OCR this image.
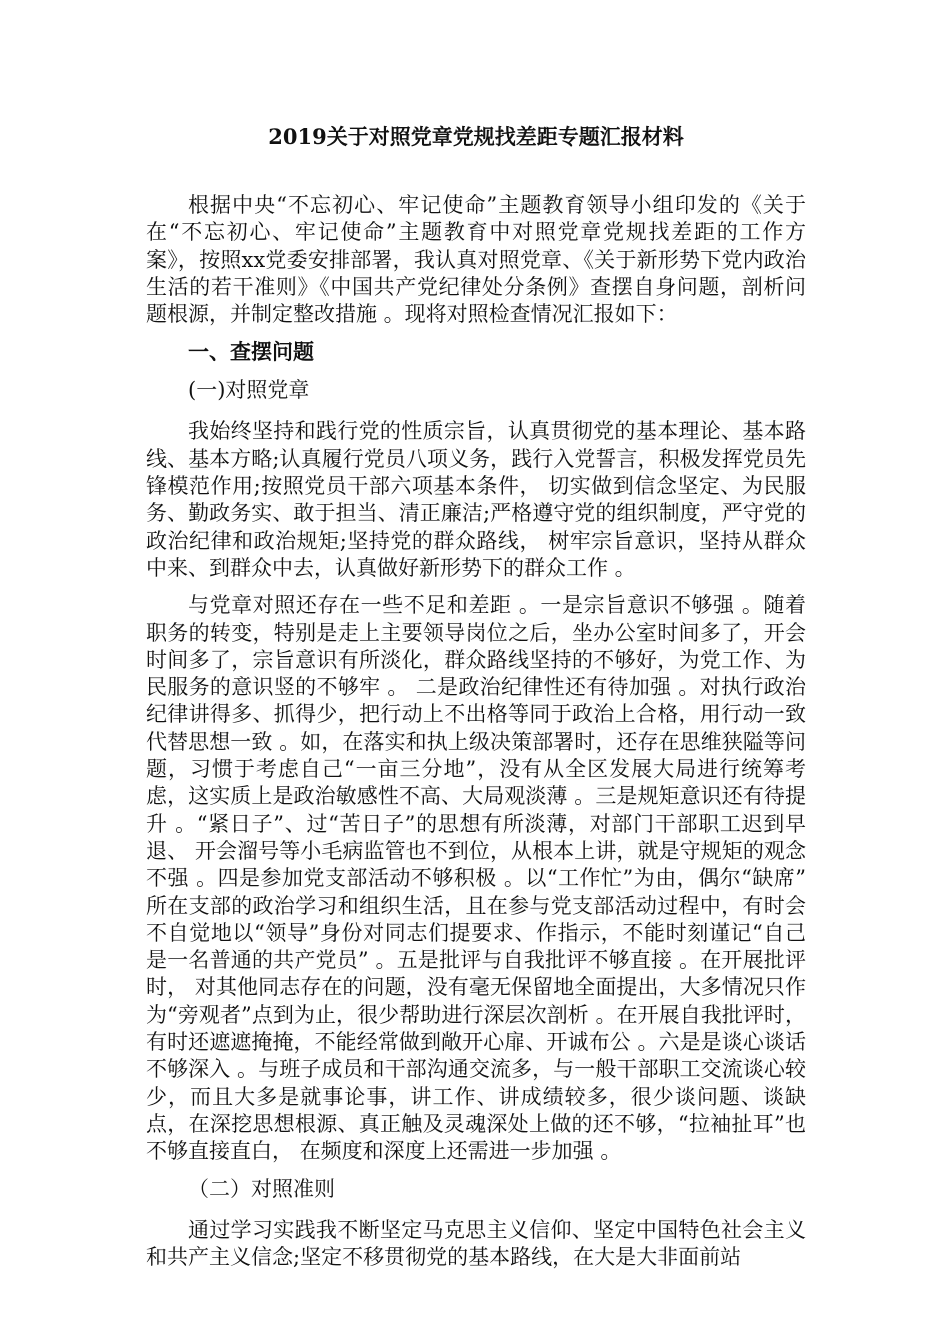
2019关于对照党章党规找差距专题汇报材料

根据中央“不忘初心、牢记使命”主题教育领导小组印发的《关于在“不忘初心、牢记使命”主题教育中对照党章党规找差距的工作方案》，按照xx党委安排部署，我认真对照党章、《关于新形势下党内政治生活的若干准则》《中国共产党纪律处分条例》查摆自身问题，剖析问题根源，并制定整改措施 。现将对照检查情况汇报如下：

一、查摆问题
(一)对照党章

我始终坚持和践行党的性质宗旨，认真贯彻党的基本理论、基本路线、基本方略;认真履行党员八项义务，践行入党誓言，积极发挥党员先锋模范作用;按照党员干部六项基本条件， 切实做到信念坚定、为民服务、勤政务实、敢于担当、清正廉洁;严格遵守党的组织制度，严守党的政治纪律和政治规矩;坚持党的群众路线， 树牢宗旨意识，坚持从群众中来、到群众中去，认真做好新形势下的群众工作 。

与党章对照还存在一些不足和差距 。一是宗旨意识不够强 。随着职务的转变，特别是走上主要领导岗位之后，坐办公室时间多了，开会时间多了，宗旨意识有所淡化，群众路线坚持的不够好，为党工作、为民服务的意识竖的不够牢 。 二是政治纪律性还有待加强 。对执行政治纪律讲得多、抓得少，把行动上不出格等同于政治上合格，用行动一致代替思想一致 。如，在落实和执上级决策部署时，还存在思维狭隘等问题，习惯于考虑自己“一亩三分地”，没有从全区发展大局进行统筹考虑，这实质上是政治敏感性不高、大局观淡薄 。三是规矩意识还有待提升 。“紧日子”、过“苦日子”的思想有所淡薄，对部门干部职工迟到早退、 开会溜号等小毛病监管也不到位，从根本上讲，就是守规矩的观念不强 。四是参加党支部活动不够积极 。以“工作忙”为由，偶尔“缺席” 所在支部的政治学习和组织生活，且在参与党支部活动过程中，有时会不自觉地以“领导”身份对同志们提要求、作指示，不能时刻谨记“自己是一名普通的共产党员” 。五是批评与自我批评不够直接 。在开展批评时， 对其他同志存在的问题，没有毫无保留地全面提出，大多情况只作为“旁观者”点到为止，很少帮助进行深层次剖析 。在开展自我批评时，有时还遮遮掩掩，不能经常做到敞开心扉、开诚布公 。六是是谈心谈话不够深入 。与班子成员和干部沟通交流多，与一般干部职工交流谈心较少，而且大多是就事论事，讲工作、讲成绩较多，很少谈问题、谈缺点，在深挖思想根源、真正触及灵魂深处上做的还不够，“拉袖扯耳”也不够直接直白， 在频度和深度上还需进一步加强 。

（二）对照准则

通过学习实践我不断坚定马克思主义信仰、坚定中国特色社会主义和共产主义信念;坚定不移贯彻党的基本路线，在大是大非面前站
